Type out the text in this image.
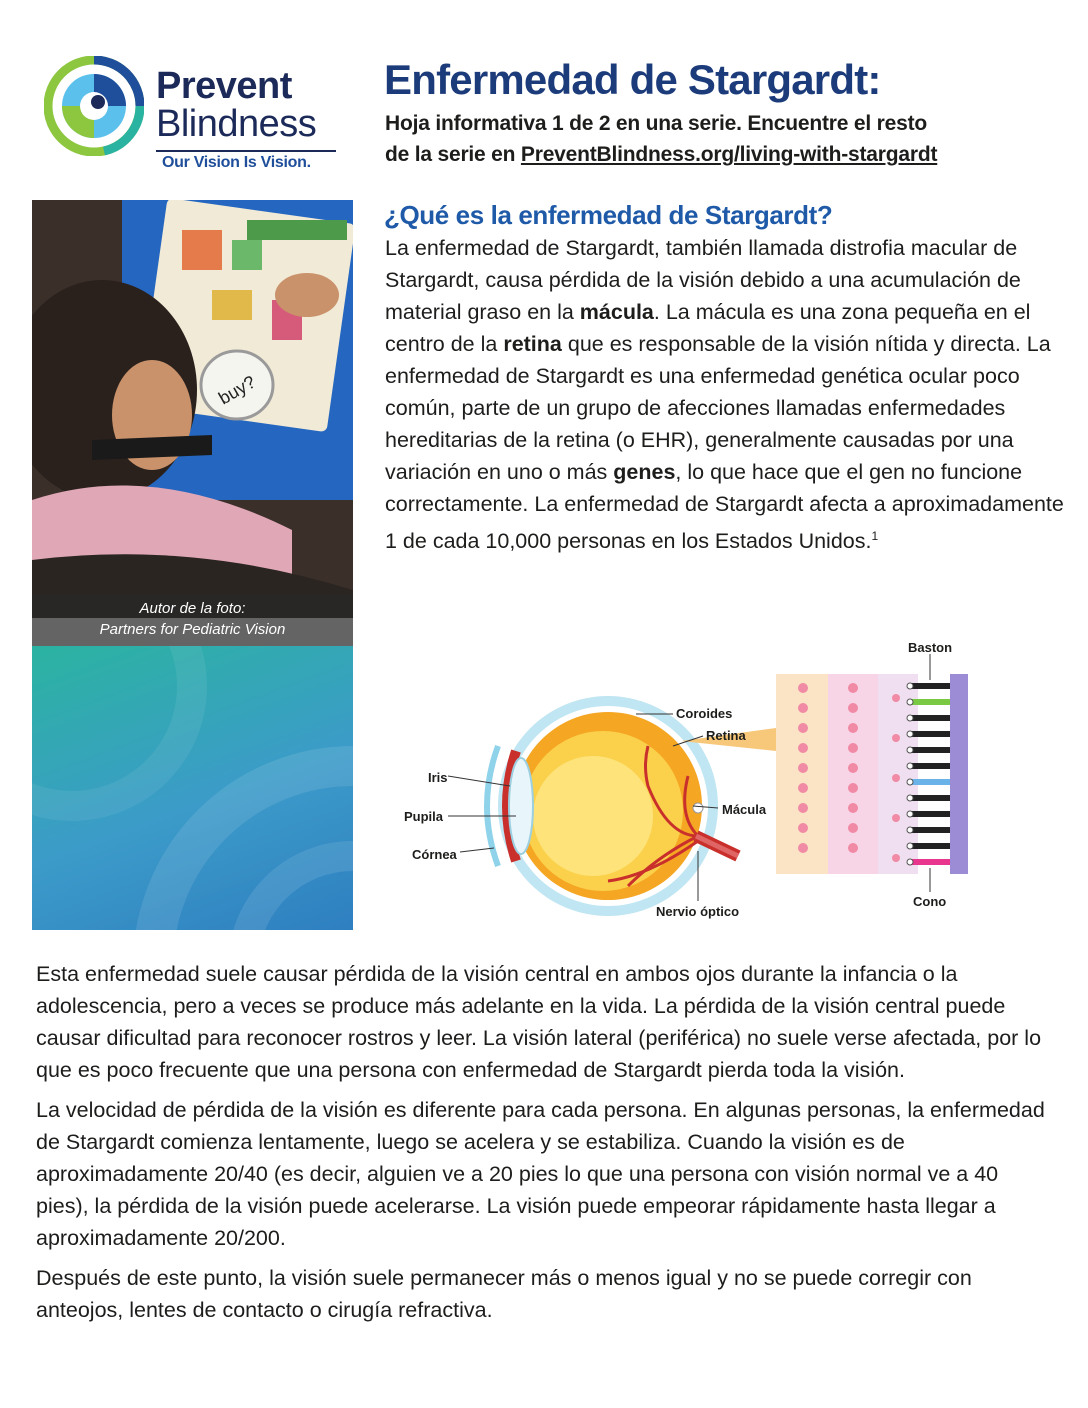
Prevent
Blindness
Our Vision Is Vision.
Enfermedad de Stargardt:
Hoja informativa 1 de 2 en una serie. Encuentre el resto
de la serie en PreventBlindness.org/living-with-stargardt
buy?
Autor de la foto:
Partners for Pediatric Vision
¿Qué es la enfermedad de Stargardt?
La enfermedad de Stargardt, también llamada distrofia macular de Stargardt, causa pérdida de la visión debido a una acumulación de material graso en la mácula. La mácula es una zona pequeña en el centro de la retina que es responsable de la visión nítida y directa. La enfermedad de Stargardt es una enfermedad genética ocular poco común, parte de un grupo de afecciones llamadas enfermedades hereditarias de la retina (o EHR), generalmente causadas por una variación en uno o más genes, lo que hace que el gen no funcione correctamente. La enfermedad de Stargardt afecta a aproximadamente 1 de cada 10,000 personas en los Estados Unidos.$^1$
Baston
Coroides
Retina
Iris
Mácula
Pupila
Córnea
Nervio óptico
Cono

Esta enfermedad suele causar pérdida de la visión central en ambos ojos durante la infancia o la adolescencia, pero a veces se produce más adelante en la vida. La pérdida de la visión central puede causar dificultad para reconocer rostros y leer. La visión lateral (periférica) no suele verse afectada, por lo que es poco frecuente que una persona con enfermedad de Stargardt pierda toda la visión.

La velocidad de pérdida de la visión es diferente para cada persona. En algunas personas, la enfermedad de Stargardt comienza lentamente, luego se acelera y se estabiliza. Cuando la visión es de aproximadamente 20/40 (es decir, alguien ve a 20 pies lo que una persona con visión normal ve a 40 pies), la pérdida de la visión puede acelerarse. La visión puede empeorar rápidamente hasta llegar a aproximadamente 20/200.

Después de este punto, la visión suele permanecer más o menos igual y no se puede corregir con anteojos, lentes de contacto o cirugía refractiva.
